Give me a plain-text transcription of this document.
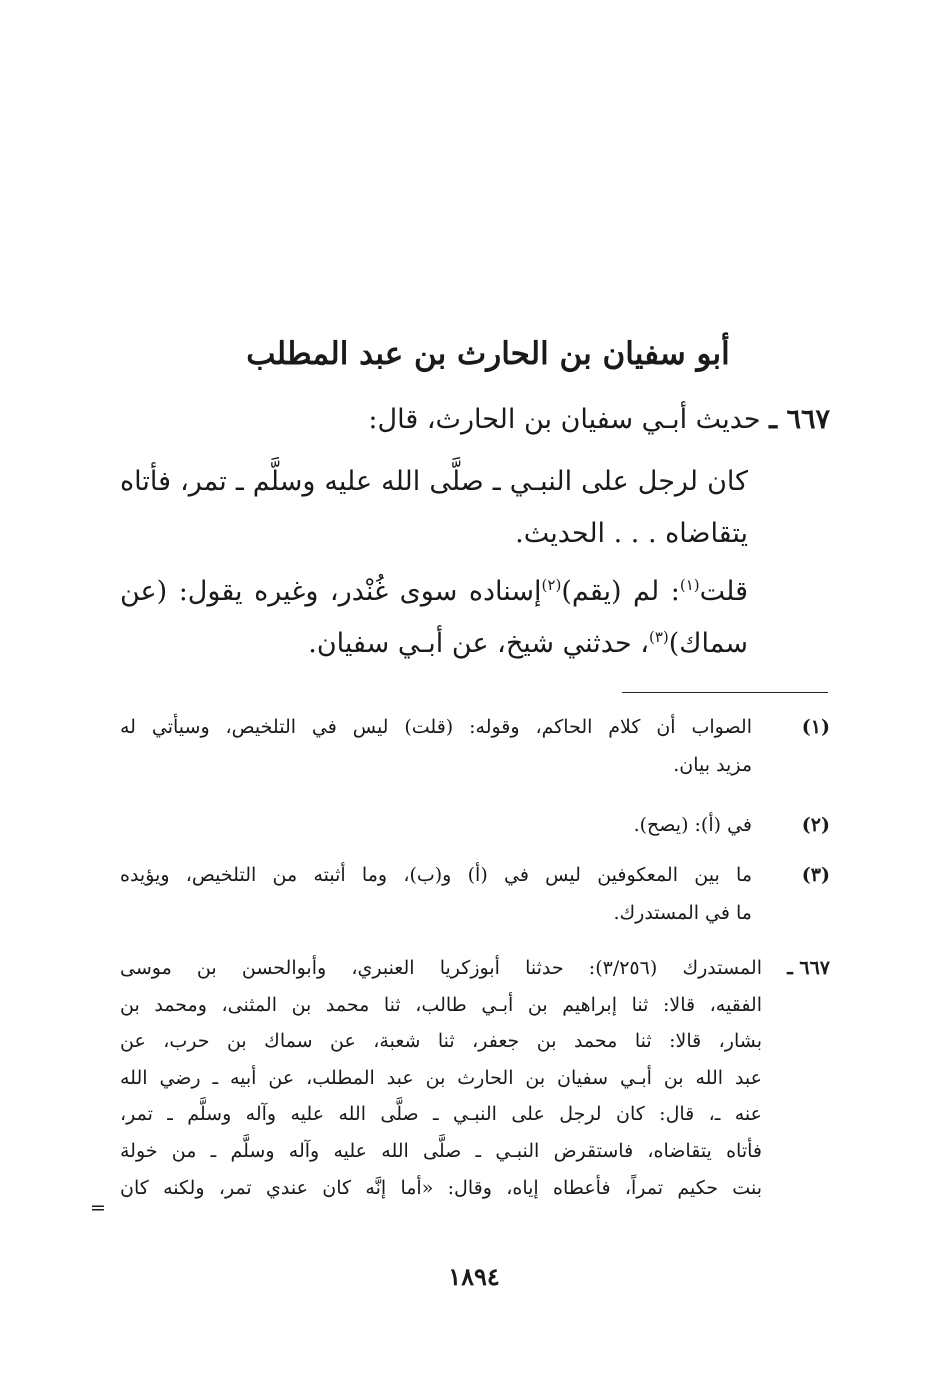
أبو سفيان بن الحارث بن عبد المطلب
٦٦٧ ـ حديث أبـي سفيان بن الحارث، قال:
كان لرجل على النبـي ـ صلَّى الله عليه وسلَّم ـ تمر، فأتاه
يتقاضاه . . . الحديث.
قلت$^{(١)}$: لم (يقم)$^{(٢)}$إسناده سوى غُنْدر، وغيره يقول: (عن
سماك)$^{(٣)}$، حدثني شيخ، عن أبـي سفيان.
(١)
الصواب أن كلام الحاكم، وقوله: (قلت) ليس في التلخيص، وسيأتي له
مزيد بيان.
(٢)
في (أ): (يصح).
(٣)
ما بين المعكوفين ليس في (أ) و(ب)، وما أثبته من التلخيص، ويؤيده
ما في المستدرك.
٦٦٧ ـ
المستدرك (٣/٢٥٦): حدثنا أبوزكريا العنبري، وأبوالحسن بن موسى
الفقيه، قالا: ثنا إبراهيم بن أبـي طالب، ثنا محمد بن المثنى، ومحمد بن
بشار، قالا: ثنا محمد بن جعفر، ثنا شعبة، عن سماك بن حرب، عن
عبد الله بن أبـي سفيان بن الحارث بن عبد المطلب، عن أبيه ـ رضي الله
عنه ـ، قال: كان لرجل على النبـي ـ صلَّى الله عليه وآله وسلَّم ـ تمر،
فأتاه يتقاضاه، فاستقرض النبـي ـ صلَّى الله عليه وآله وسلَّم ـ من خولة
بنت حكيم تمراً، فأعطاه إياه، وقال: «أما إنَّه كان عندي تمر، ولكنه كان
=
١٨٩٤
